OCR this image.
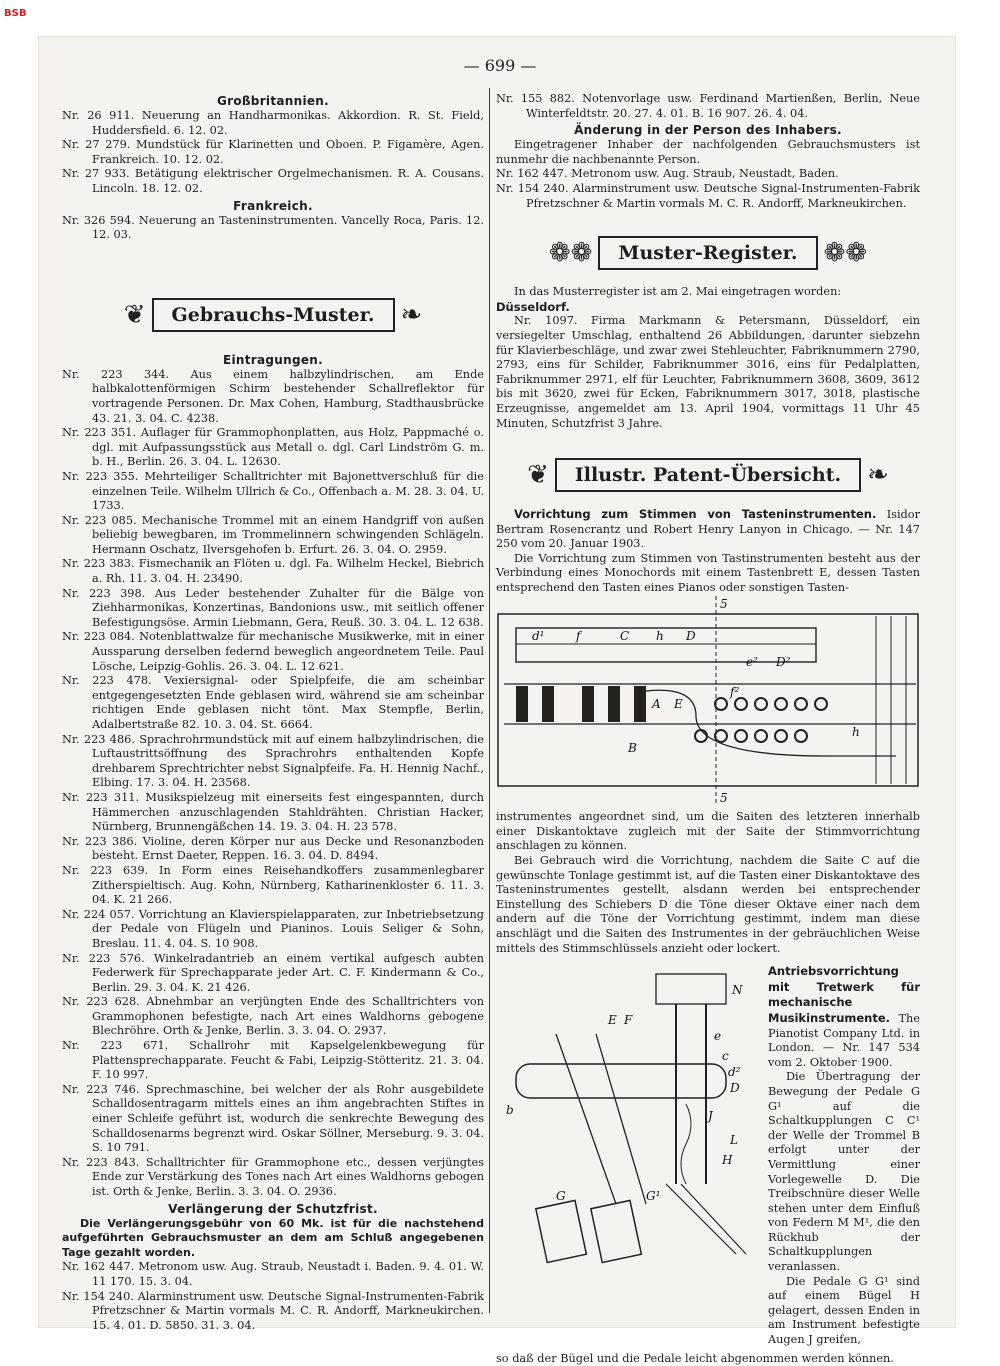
BSB
— 699 —
Großbritannien.
Nr. 26 911. Neuerung an Handharmonikas. Akkordion. R. St. Field, Huddersfield. 6. 12. 02.
Nr. 27 279. Mundstück für Klarinetten und Oboen. P. Figamère, Agen. Frankreich. 10. 12. 02.
Nr. 27 933. Betätigung elektrischer Orgelmechanismen. R. A. Cousans. Lincoln. 18. 12. 02.
Frankreich.
Nr. 326 594. Neuerung an Tasteninstrumenten. Vancelly Roca, Paris. 12. 12. 03.
❦	Gebrauchs-Muster.	❧
Eintragungen.
Nr. 223 344. Aus einem halbzylindrischen, am Ende halbkalottenförmigen Schirm bestehender Schallreflektor für vortragende Personen. Dr. Max Cohen, Hamburg, Stadthausbrücke 43. 21. 3. 04. C. 4238.
Nr. 223 351. Auflager für Grammophonplatten, aus Holz, Pappmaché o. dgl. mit Aufpassungsstück aus Metall o. dgl. Carl Lindström G. m. b. H., Berlin. 26. 3. 04. L. 12630.
Nr. 223 355. Mehrteiliger Schalltrichter mit Bajonettverschluß für die einzelnen Teile. Wilhelm Ullrich & Co., Offenbach a. M. 28. 3. 04. U. 1733.
Nr. 223 085. Mechanische Trommel mit an einem Handgriff von außen beliebig bewegbaren, im Trommelinnern schwingenden Schlägeln. Hermann Oschatz, Ilversgehofen b. Erfurt. 26. 3. 04. O. 2959.
Nr. 223 383. Fismechanik an Flöten u. dgl. Fa. Wilhelm Heckel, Biebrich a. Rh. 11. 3. 04. H. 23490.
Nr. 223 398. Aus Leder bestehender Zuhalter für die Bälge von Ziehharmonikas, Konzertinas, Bandonions usw., mit seitlich offener Befestigungsöse. Armin Liebmann, Gera, Reuß. 30. 3. 04. L. 12 638.
Nr. 223 084. Notenblattwalze für mechanische Musikwerke, mit in einer Aussparung derselben federnd beweglich angeordnetem Teile. Paul Lösche, Leipzig-Gohlis. 26. 3. 04. L. 12 621.
Nr. 223 478. Vexiersignal- oder Spielpfeife, die am scheinbar entgegengesetzten Ende geblasen wird, während sie am scheinbar richtigen Ende geblasen nicht tönt. Max Stempfle, Berlin, Adalbertstraße 82. 10. 3. 04. St. 6664.
Nr. 223 486. Sprachrohrmundstück mit auf einem halbzylindrischen, die Luftaustrittsöffnung des Sprachrohrs enthaltenden Kopfe drehbarem Sprechtrichter nebst Signalpfeife. Fa. H. Hennig Nachf., Elbing. 17. 3. 04. H. 23568.
Nr. 223 311. Musikspielzeug mit einerseits fest eingespannten, durch Hämmerchen anzuschlagenden Stahldrähten. Christian Hacker, Nürnberg, Brunnengäßchen 14. 19. 3. 04. H. 23 578.
Nr. 223 386. Violine, deren Körper nur aus Decke und Resonanzboden besteht. Ernst Daeter, Reppen. 16. 3. 04. D. 8494.
Nr. 223 639. In Form eines Reisehandkoffers zusammenlegbarer Zitherspieltisch. Aug. Kohn, Nürnberg, Katharinenkloster 6. 11. 3. 04. K. 21 266.
Nr. 224 057. Vorrichtung an Klavierspielapparaten, zur Inbetriebsetzung der Pedale von Flügeln und Pianinos. Louis Seliger & Sohn, Breslau. 11. 4. 04. S. 10 908.
Nr. 223 576. Winkelradantrieb an einem vertikal aufgesch aubten Federwerk für Sprechapparate jeder Art. C. F. Kindermann & Co., Berlin. 29. 3. 04. K. 21 426.
Nr. 223 628. Abnehmbar an verjüngten Ende des Schalltrichters von Grammophonen befestigte, nach Art eines Waldhorns gebogene Blechröhre. Orth & Jenke, Berlin. 3. 3. 04. O. 2937.
Nr. 223 671. Schallrohr mit Kapselgelenkbewegung für Plattensprechapparate. Feucht & Fabi, Leipzig-Stötteritz. 21. 3. 04. F. 10 997.
Nr. 223 746. Sprechmaschine, bei welcher der als Rohr ausgebildete Schalldosentragarm mittels eines an ihm angebrachten Stiftes in einer Schleife geführt ist, wodurch die senkrechte Bewegung des Schalldosenarms begrenzt wird. Oskar Söllner, Merseburg. 9. 3. 04. S. 10 791.
Nr. 223 843. Schalltrichter für Grammophone etc., dessen verjüngtes Ende zur Verstärkung des Tones nach Art eines Waldhorns gebogen ist. Orth & Jenke, Berlin. 3. 3. 04. O. 2936.
Verlängerung der Schutzfrist.
Die Verlängerungsgebühr von 60 Mk. ist für die nachstehend aufgeführten Gebrauchsmuster an dem am Schluß angegebenen Tage gezahlt worden.
Nr. 162 447. Metronom usw. Aug. Straub, Neustadt i. Baden. 9. 4. 01. W. 11 170. 15. 3. 04.
Nr. 154 240. Alarminstrument usw. Deutsche Signal-Instrumenten-Fabrik Pfretzschner & Martin vormals M. C. R. Andorff, Markneukirchen. 15. 4. 01. D. 5850. 31. 3. 04.
Nr. 155 882. Notenvorlage usw. Ferdinand Martienßen, Berlin, Neue Winterfeldtstr. 20. 27. 4. 01. B. 16 907. 26. 4. 04.
Änderung in der Person des Inhabers.
Eingetragener Inhaber der nachfolgenden Gebrauchsmusters ist nunmehr die nachbenannte Person.
Nr. 162 447. Metronom usw. Aug. Straub, Neustadt, Baden.
Nr. 154 240. Alarminstrument usw. Deutsche Signal-Instrumenten-Fabrik Pfretzschner & Martin vormals M. C. R. Andorff, Markneukirchen.
❁❁	Muster-Register.	❁❁
In das Musterregister ist am 2. Mai eingetragen worden:
Düsseldorf.
Nr. 1097. Firma Markmann & Petersmann, Düsseldorf, ein versiegelter Umschlag, enthaltend 26 Abbildungen, darunter siebzehn für Klavierbeschläge, und zwar zwei Stehleuchter, Fabriknummern 2790, 2793, eins für Schilder, Fabriknummer 3016, eins für Pedalplatten, Fabriknummer 2971, elf für Leuchter, Fabriknummern 3608, 3609, 3612 bis mit 3620, zwei für Ecken, Fabriknummern 3017, 3018, plastische Erzeugnisse, angemeldet am 13. April 1904, vormittags 11 Uhr 45 Minuten, Schutzfrist 3 Jahre.
❦	Illustr. Patent-Übersicht.	❧
Vorrichtung zum Stimmen von Tasteninstrumenten. Isidor Bertram Rosencrantz und Robert Henry Lanyon in Chicago. — Nr. 147 250 vom 20. Januar 1903.
Die Vorrichtung zum Stimmen von Tastinstrumenten besteht aus der Verbindung eines Monochords mit einem Tastenbrett E, dessen Tasten entsprechend den Tasten eines Pianos oder sonstigen Tasten-
5
5
d¹	f	C h D
e² D²
A E
f²
B
h
instrumentes angeordnet sind, um die Saiten des letzteren innerhalb einer Diskantoktave zugleich mit der Saite der Stimmvorrichtung anschlagen zu können.
Bei Gebrauch wird die Vorrichtung, nachdem die Saite C auf die gewünschte Tonlage gestimmt ist, auf die Tasten einer Diskantoktave des Tasteninstrumentes gestellt, alsdann werden bei entsprechender Einstellung des Schiebers D die Töne dieser Oktave einer nach dem andern auf die Töne der Vorrichtung gestimmt, indem man diese anschlägt und die Saiten des Instrumentes in der gebräuchlichen Weise mittels des Stimmschlüssels anzieht oder lockert.
N
E F
e
c
d²
D
J
L
H
b
G	G¹
Antriebsvorrichtung mit Tretwerk für mechanische Musikinstrumente. The Pianotist Company Ltd. in London. — Nr. 147 534 vom 2. Oktober 1900.
Die Übertragung der Bewegung der Pedale G G¹ auf die Schaltkupplungen C C¹ der Welle der Trommel B erfolgt unter der Vermittlung einer Vorlegewelle D. Die Treibschnüre dieser Welle stehen unter dem Einfluß von Federn M M¹, die den Rückhub der Schaltkupplungen veranlassen.
Die Pedale G G¹ sind auf einem Bügel H gelagert, dessen Enden in am Instrument befestigte Augen J greifen,
so daß der Bügel und die Pedale leicht abgenommen werden können.
